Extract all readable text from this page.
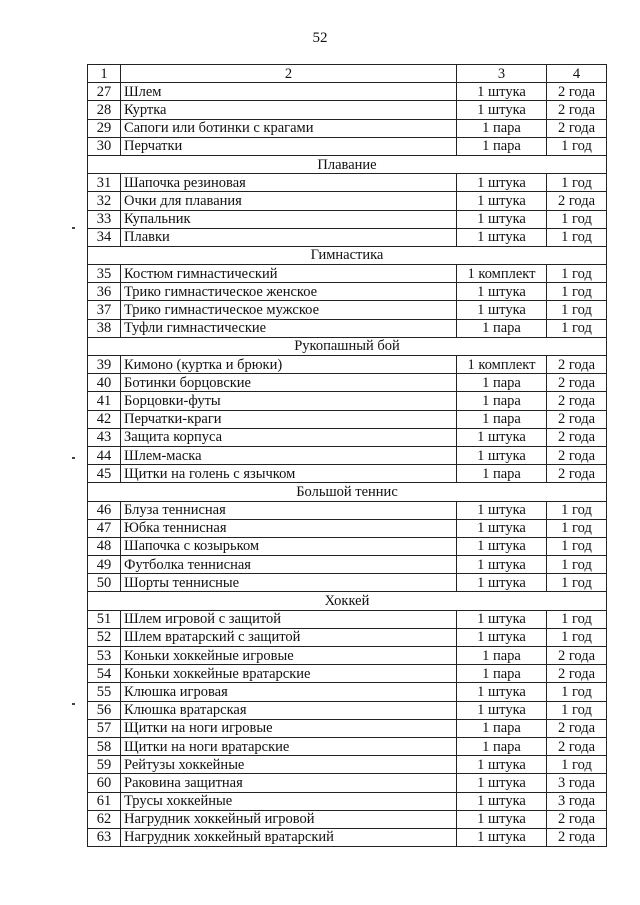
52
1	2	3	4
27	Шлем	1 штука	2 года
28	Куртка	1 штука	2 года
29	Сапоги или ботинки с крагами	1 пара	2 года
30	Перчатки	1 пара	1 год
Плавание			
31	Шапочка резиновая	1 штука	1 год
32	Очки для плавания	1 штука	2 года
33	Купальник	1 штука	1 год
34	Плавки	1 штука	1 год
Гимнастика			
35	Костюм гимнастический	1 комплект	1 год
36	Трико гимнастическое женское	1 штука	1 год
37	Трико гимнастическое мужское	1 штука	1 год
38	Туфли гимнастические	1 пара	1 год
Рукопашный бой			
39	Кимоно (куртка и брюки)	1 комплект	2 года
40	Ботинки борцовские	1 пара	2 года
41	Борцовки-футы	1 пара	2 года
42	Перчатки-краги	1 пара	2 года
43	Защита корпуса	1 штука	2 года
44	Шлем-маска	1 штука	2 года
45	Щитки на голень с язычком	1 пара	2 года
Большой теннис			
46	Блуза теннисная	1 штука	1 год
47	Юбка теннисная	1 штука	1 год
48	Шапочка с козырьком	1 штука	1 год
49	Футболка теннисная	1 штука	1 год
50	Шорты теннисные	1 штука	1 год
Хоккей			
51	Шлем игровой с защитой	1 штука	1 год
52	Шлем вратарский с защитой	1 штука	1 год
53	Коньки хоккейные игровые	1 пара	2 года
54	Коньки хоккейные вратарские	1 пара	2 года
55	Клюшка игровая	1 штука	1 год
56	Клюшка вратарская	1 штука	1 год
57	Щитки на ноги игровые	1 пара	2 года
58	Щитки на ноги вратарские	1 пара	2 года
59	Рейтузы хоккейные	1 штука	1 год
60	Раковина защитная	1 штука	3 года
61	Трусы хоккейные	1 штука	3 года
62	Нагрудник хоккейный игровой	1 штука	2 года
63	Нагрудник хоккейный вратарский	1 штука	2 года
